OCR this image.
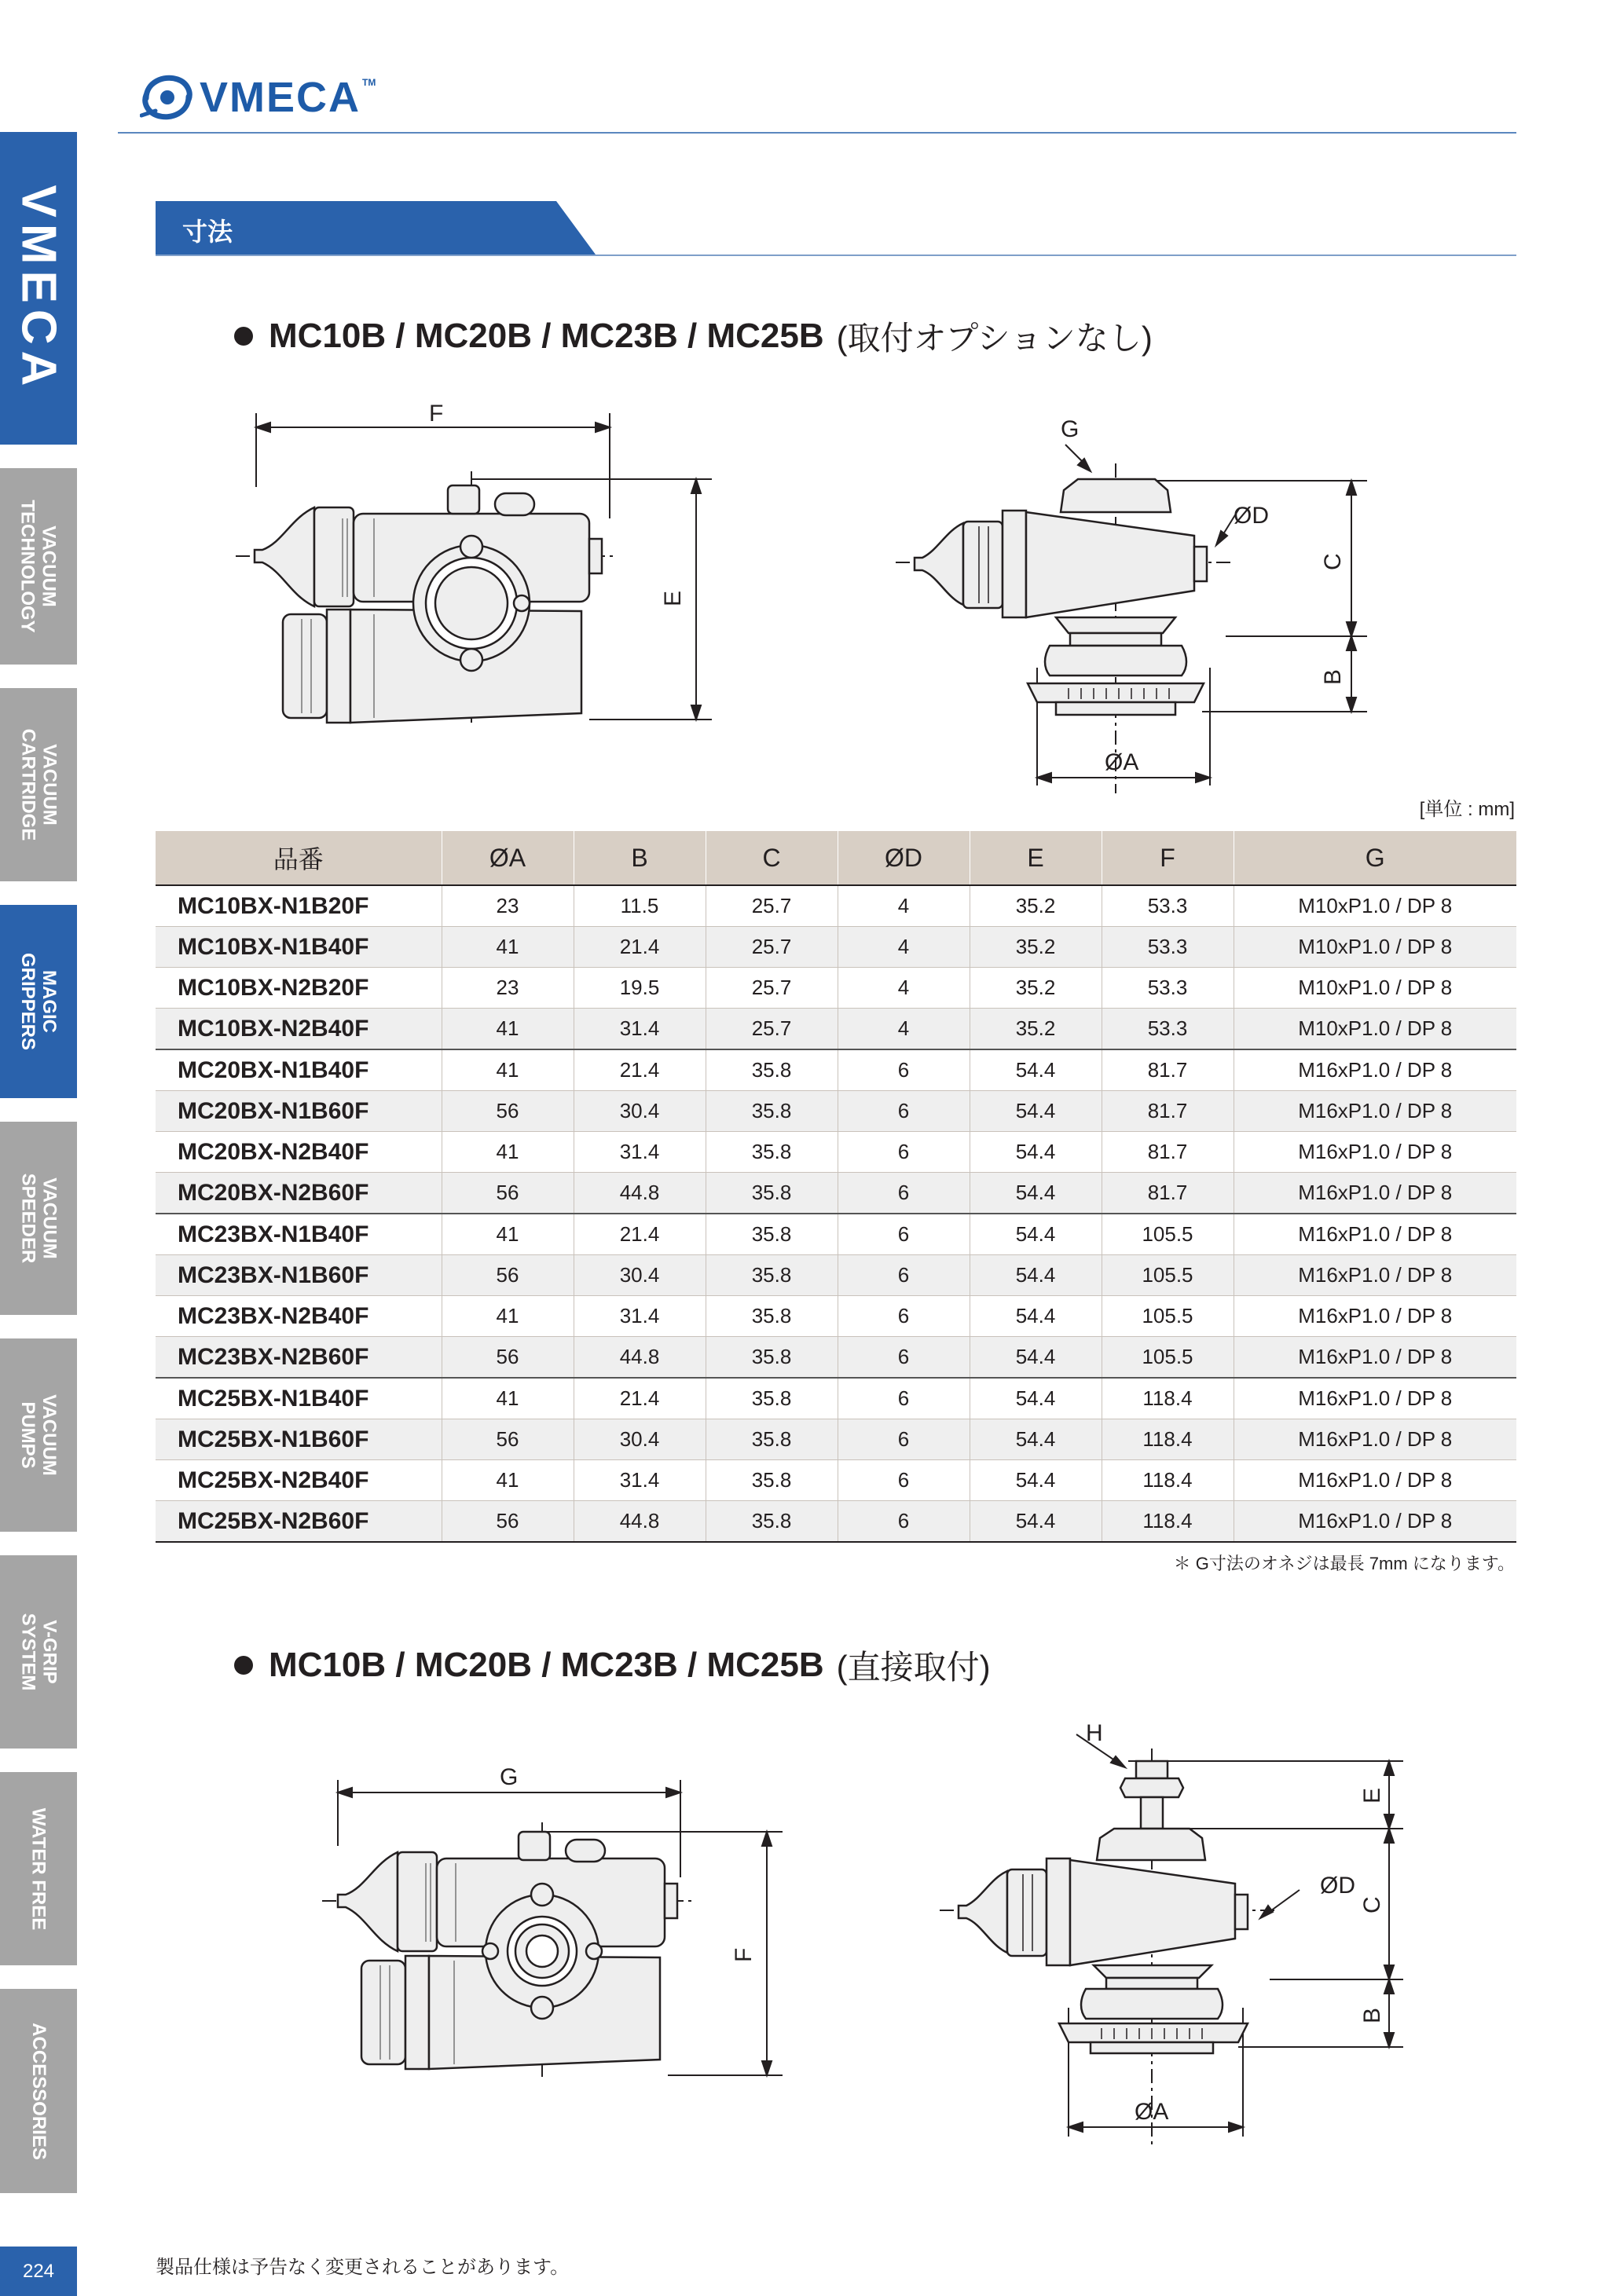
VMECA TM
VMECA
VACUUM
TECHNOLOGY
VACUUM
CARTRIDGE
MAGIC
GRIPPERS
VACUUM
SPEEDER
VACUUM
PUMPS
V-GRIP
SYSTEM
WATER FREE
ACCESSORIES
寸法
MC10B / MC20B / MC23B / MC25B (取付オプションなし)
F
E
G
ØD
C
B
ØA
[単位 : mm]
品番	ØA	B	C	ØD	E	F	G
MC10BX-N1B20F	23	11.5	25.7	4	35.2	53.3	M10xP1.0 / DP 8
MC10BX-N1B40F	41	21.4	25.7	4	35.2	53.3	M10xP1.0 / DP 8
MC10BX-N2B20F	23	19.5	25.7	4	35.2	53.3	M10xP1.0 / DP 8
MC10BX-N2B40F	41	31.4	25.7	4	35.2	53.3	M10xP1.0 / DP 8
MC20BX-N1B40F	41	21.4	35.8	6	54.4	81.7	M16xP1.0 / DP 8
MC20BX-N1B60F	56	30.4	35.8	6	54.4	81.7	M16xP1.0 / DP 8
MC20BX-N2B40F	41	31.4	35.8	6	54.4	81.7	M16xP1.0 / DP 8
MC20BX-N2B60F	56	44.8	35.8	6	54.4	81.7	M16xP1.0 / DP 8
MC23BX-N1B40F	41	21.4	35.8	6	54.4	105.5	M16xP1.0 / DP 8
MC23BX-N1B60F	56	30.4	35.8	6	54.4	105.5	M16xP1.0 / DP 8
MC23BX-N2B40F	41	31.4	35.8	6	54.4	105.5	M16xP1.0 / DP 8
MC23BX-N2B60F	56	44.8	35.8	6	54.4	105.5	M16xP1.0 / DP 8
MC25BX-N1B40F	41	21.4	35.8	6	54.4	118.4	M16xP1.0 / DP 8
MC25BX-N1B60F	56	30.4	35.8	6	54.4	118.4	M16xP1.0 / DP 8
MC25BX-N2B40F	41	31.4	35.8	6	54.4	118.4	M16xP1.0 / DP 8
MC25BX-N2B60F	56	44.8	35.8	6	54.4	118.4	M16xP1.0 / DP 8
＊ G寸法のオネジは最長 7mm になります。
MC10B / MC20B / MC23B / MC25B (直接取付)
G
F
H
E
ØD
C
B
ØA
224	製品仕様は予告なく変更されることがあります。
